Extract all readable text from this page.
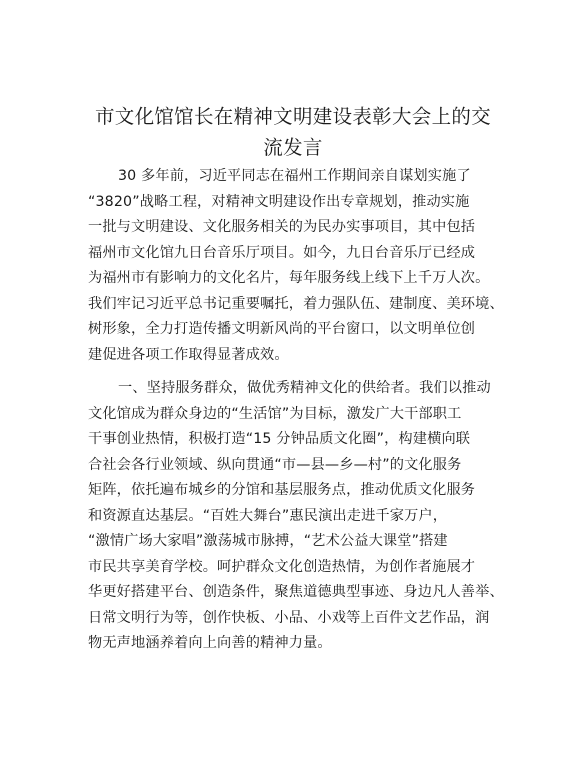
市文化馆馆长在精神文明建设表彰大会上的交
流发言
30 多年前，习近平同志在福州工作期间亲自谋划实施了
“3820”战略工程，对精神文明建设作出专章规划，推动实施
一批与文明建设、文化服务相关的为民办实事项目，其中包括
福州市文化馆九日台音乐厅项目。如今，九日台音乐厅已经成
为福州市有影响力的文化名片，每年服务线上线下上千万人次。
我们牢记习近平总书记重要嘱托，着力强队伍、建制度、美环境、
树形象，全力打造传播文明新风尚的平台窗口，以文明单位创
建促进各项工作取得显著成效。
一、坚持服务群众，做优秀精神文化的供给者。我们以推动
文化馆成为群众身边的“生活馆”为目标，激发广大干部职工
干事创业热情，积极打造“15 分钟品质文化圈”，构建横向联
合社会各行业领域、纵向贯通“市—县—乡—村”的文化服务
矩阵，依托遍布城乡的分馆和基层服务点，推动优质文化服务
和资源直达基层。“百姓大舞台”惠民演出走进千家万户，
“激情广场大家唱”激荡城市脉搏，“艺术公益大课堂”搭建
市民共享美育学校。呵护群众文化创造热情，为创作者施展才
华更好搭建平台、创造条件，聚焦道德典型事迹、身边凡人善举、
日常文明行为等，创作快板、小品、小戏等上百件文艺作品，润
物无声地涵养着向上向善的精神力量。
